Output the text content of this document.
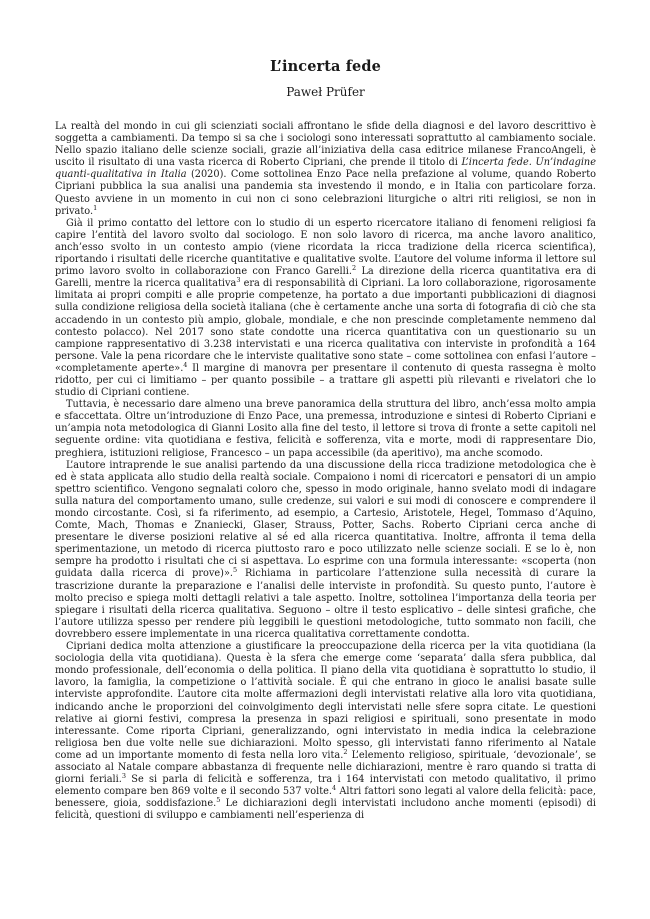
L’incerta fede
Paweł Prüfer

La realtà del mondo in cui gli scienziati sociali affrontano le sfide della diagnosi e del lavoro descrittivo è soggetta a cambiamenti. Da tempo si sa che i sociologi sono interessati soprattutto al cambiamento sociale. Nello spazio italiano delle scienze sociali, grazie all’iniziativa della casa editrice milanese FrancoAngeli, è uscito il risultato di una vasta ricerca di Roberto Cipriani, che prende il titolo di L’incerta fede. Un’indagine quanti-qualitativa in Italia (2020). Come sottolinea Enzo Pace nella prefazione al volume, quando Roberto Cipriani pubblica la sua analisi una pandemia sta investendo il mondo, e in Italia con particolare forza. Questo avviene in un momento in cui non ci sono celebrazioni liturgiche o altri riti religiosi, se non in privato.$^1$

Già il primo contatto del lettore con lo studio di un esperto ricercatore italiano di fenomeni religiosi fa capire l’entità del lavoro svolto dal sociologo. E non solo lavoro di ricerca, ma anche lavoro analitico, anch’esso svolto in un contesto ampio (viene ricordata la ricca tradizione della ricerca scientifica), riportando i risultati delle ricerche quantitative e qualitative svolte. L’autore del volume informa il lettore sul primo lavoro svolto in collaborazione con Franco Garelli.$^2$ La direzione della ricerca quantitativa era di Garelli, mentre la ricerca qualitativa$^3$ era di responsabilità di Cipriani. La loro collaborazione, rigorosamente limitata ai propri compiti e alle proprie competenze, ha portato a due importanti pubblicazioni di diagnosi sulla condizione religiosa della società italiana (che è certamente anche una sorta di fotografia di ciò che sta accadendo in un contesto più ampio, globale, mondiale, e che non prescinde completamente nemmeno dal contesto polacco). Nel 2017 sono state condotte una ricerca quantitativa con un questionario su un campione rappresentativo di 3.238 intervistati e una ricerca qualitativa con interviste in profondità a 164 persone. Vale la pena ricordare che le interviste qualitative sono state – come sottolinea con enfasi l’autore – «completamente aperte».$^4$ Il margine di manovra per presentare il contenuto di questa rassegna è molto ridotto, per cui ci limitiamo – per quanto possibile – a trattare gli aspetti più rilevanti e rivelatori che lo studio di Cipriani contiene.

Tuttavia, è necessario dare almeno una breve panoramica della struttura del libro, anch’essa molto ampia e sfaccettata. Oltre un’introduzione di Enzo Pace, una premessa, introduzione e sintesi di Roberto Cipriani e un’ampia nota metodologica di Gianni Losito alla fine del testo, il lettore si trova di fronte a sette capitoli nel seguente ordine: vita quotidiana e festiva, felicità e sofferenza, vita e morte, modi di rappresentare Dio, preghiera, istituzioni religiose, Francesco – un papa accessibile (da aperitivo), ma anche scomodo.

L’autore intraprende le sue analisi partendo da una discussione della ricca tradizione metodologica che è ed è stata applicata allo studio della realtà sociale. Compaiono i nomi di ricercatori e pensatori di un ampio spettro scientifico. Vengono segnalati coloro che, spesso in modo originale, hanno svelato modi di indagare sulla natura del comportamento umano, sulle credenze, sui valori e sui modi di conoscere e comprendere il mondo circostante. Così, si fa riferimento, ad esempio, a Cartesio, Aristotele, Hegel, Tommaso d’Aquino, Comte, Mach, Thomas e Znaniecki, Glaser, Strauss, Potter, Sachs. Roberto Cipriani cerca anche di presentare le diverse posizioni relative al sé ed alla ricerca quantitativa. Inoltre, affronta il tema della sperimentazione, un metodo di ricerca piuttosto raro e poco utilizzato nelle scienze sociali. E se lo è, non sempre ha prodotto i risultati che ci si aspettava. Lo esprime con una formula interessante: «scoperta (non guidata dalla ricerca di prove)».$^5$ Richiama in particolare l’attenzione sulla necessità di curare la trascrizione durante la preparazione e l’analisi delle interviste in profondità. Su questo punto, l’autore è molto preciso e spiega molti dettagli relativi a tale aspetto. Inoltre, sottolinea l’importanza della teoria per spiegare i risultati della ricerca qualitativa. Seguono – oltre il testo esplicativo – delle sintesi grafiche, che l’autore utilizza spesso per rendere più leggibili le questioni metodologiche, tutto sommato non facili, che dovrebbero essere implementate in una ricerca qualitativa correttamente condotta.

Cipriani dedica molta attenzione a giustificare la preoccupazione della ricerca per la vita quotidiana (la sociologia della vita quotidiana). Questa è la sfera che emerge come ‘separata’ dalla sfera pubblica, dal mondo professionale, dell’economia o della politica. Il piano della vita quotidiana è soprattutto lo studio, il lavoro, la famiglia, la competizione o l’attività sociale. È qui che entrano in gioco le analisi basate sulle interviste approfondite. L’autore cita molte affermazioni degli intervistati relative alla loro vita quotidiana, indicando anche le proporzioni del coinvolgimento degli intervistati nelle sfere sopra citate. Le questioni relative ai giorni festivi, compresa la presenza in spazi religiosi e spirituali, sono presentate in modo interessante. Come riporta Cipriani, generalizzando, ogni intervistato in media indica la celebrazione religiosa ben due volte nelle sue dichiarazioni. Molto spesso, gli intervistati fanno riferimento al Natale come ad un importante momento di festa nella loro vita.$^2$ L’elemento religioso, spirituale, ‘devozionale’, se associato al Natale compare abbastanza di frequente nelle dichiarazioni, mentre è raro quando si tratta di giorni feriali.$^3$ Se si parla di felicità e sofferenza, tra i 164 intervistati con metodo qualitativo, il primo elemento compare ben 869 volte e il secondo 537 volte.$^4$ Altri fattori sono legati al valore della felicità: pace, benessere, gioia, soddisfazione.$^5$ Le dichiarazioni degli intervistati includono anche momenti (episodi) di felicità, questioni di sviluppo e cambiamenti nell’esperienza di
